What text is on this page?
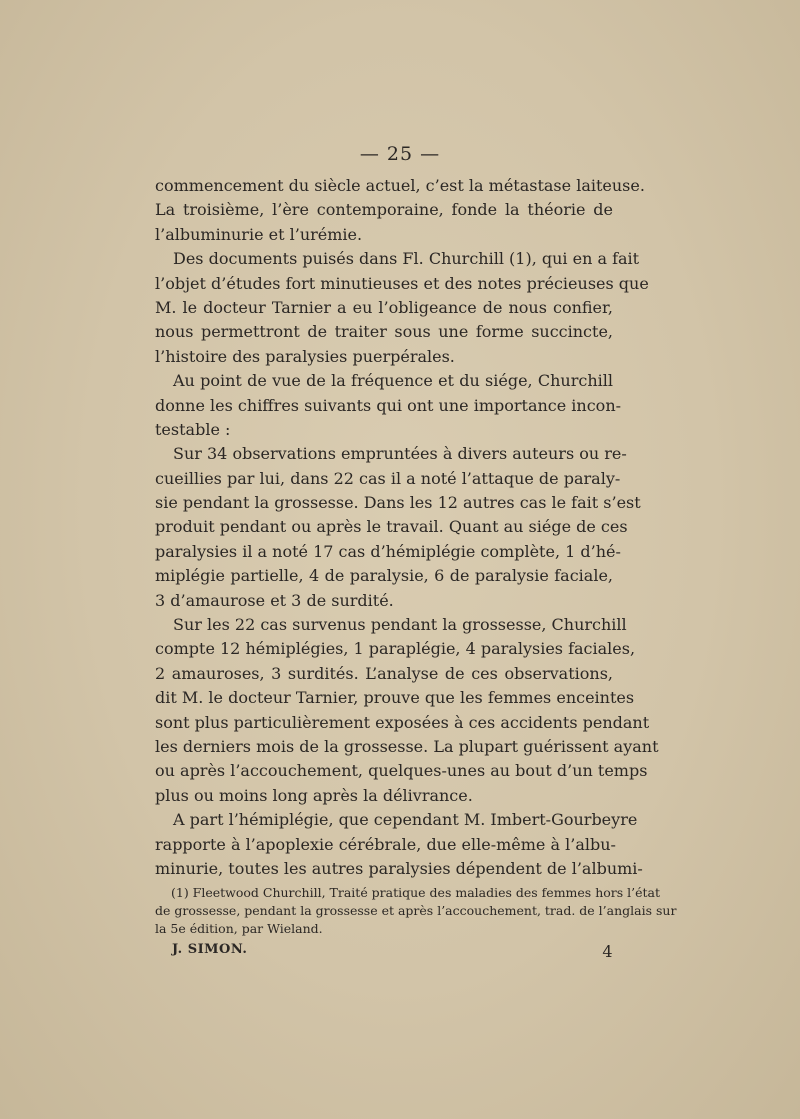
— 25 —
commencement du siècle actuel, c’est la métastase laiteuse.
La troisième, l’ère contemporaine, fonde la théorie de
l’albuminurie et l’urémie.
Des documents puisés dans Fl. Churchill (1), qui en a fait
l’objet d’études fort minutieuses et des notes précieuses que
M. le docteur Tarnier a eu l’obligeance de nous confier,
nous permettront de traiter sous une forme succincte,
l’histoire des paralysies puerpérales.
Au point de vue de la fréquence et du siége, Churchill
donne les chiffres suivants qui ont une importance incon-
testable :
Sur 34 observations empruntées à divers auteurs ou re-
cueillies par lui, dans 22 cas il a noté l’attaque de paraly-
sie pendant la grossesse. Dans les 12 autres cas le fait s’est
produit pendant ou après le travail. Quant au siége de ces
paralysies il a noté 17 cas d’hémiplégie complète, 1 d’hé-
miplégie partielle, 4 de paralysie, 6 de paralysie faciale,
3 d’amaurose et 3 de surdité.
Sur les 22 cas survenus pendant la grossesse, Churchill
compte 12 hémiplégies, 1 paraplégie, 4 paralysies faciales,
2 amauroses, 3 surdités. L’analyse de ces observations,
dit M. le docteur Tarnier, prouve que les femmes enceintes
sont plus particulièrement exposées à ces accidents pendant
les derniers mois de la grossesse. La plupart guérissent ayant
ou après l’accouchement, quelques-unes au bout d’un temps
plus ou moins long après la délivrance.
A part l’hémiplégie, que cependant M. Imbert-Gourbeyre
rapporte à l’apoplexie cérébrale, due elle-même à l’albu-
minurie, toutes les autres paralysies dépendent de l’albumi-
(1) Fleetwood Churchill, Traité pratique des maladies des femmes hors l’état
de grossesse, pendant la grossesse et après l’accouchement, trad. de l’anglais sur
la 5e édition, par Wieland.
J. SIMON.	4
